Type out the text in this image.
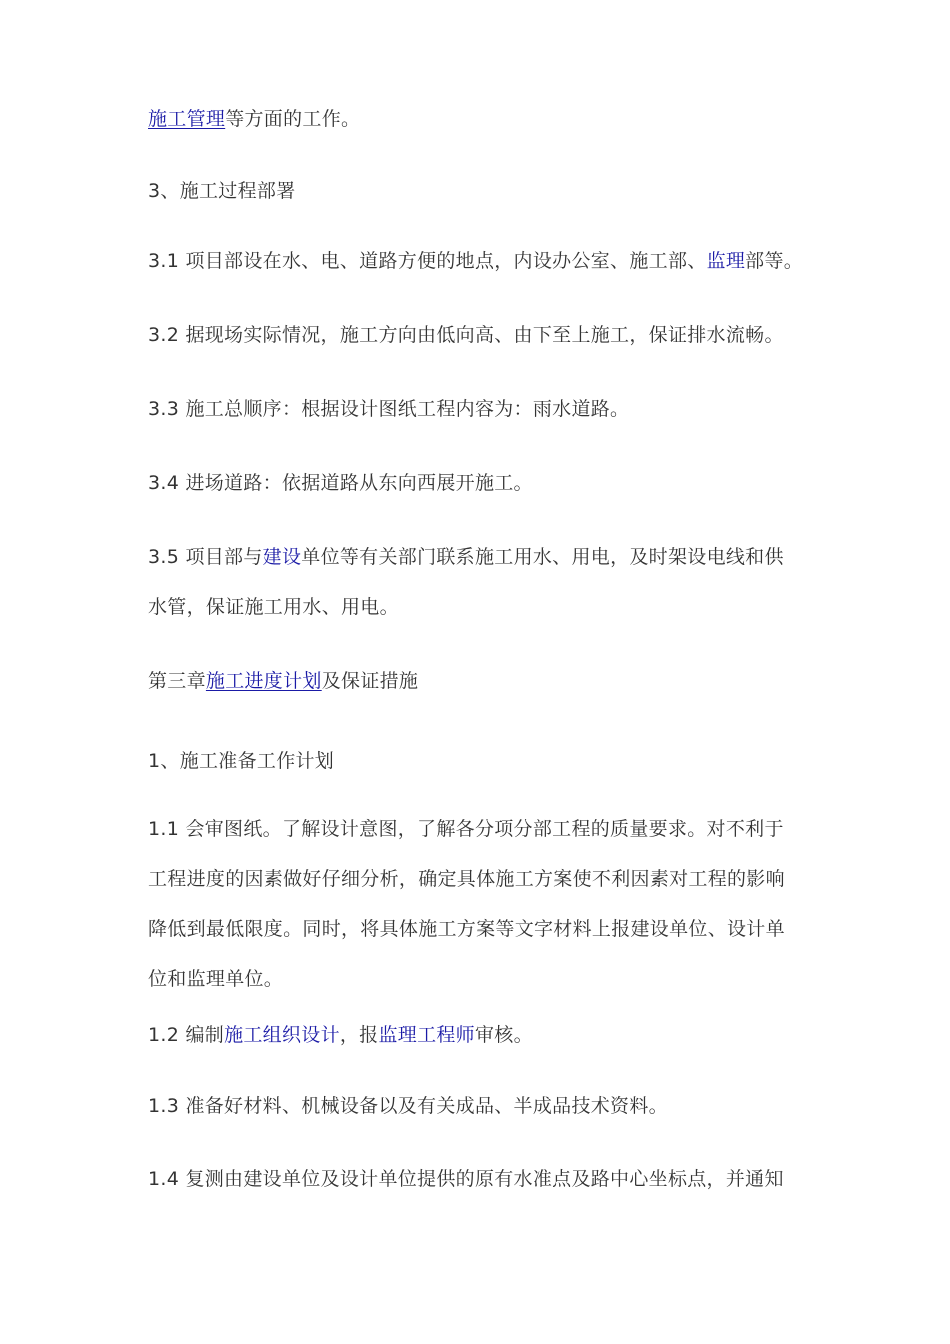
施工管理等方面的工作。
3、施工过程部署
3.1 项目部设在水、电、道路方便的地点，内设办公室、施工部、监理部等。
3.2 据现场实际情况，施工方向由低向高、由下至上施工，保证排水流畅。
3.3 施工总顺序：根据设计图纸工程内容为：雨水道路。
3.4 进场道路：依据道路从东向西展开施工。
3.5 项目部与建设单位等有关部门联系施工用水、用电，及时架设电线和供
水管，保证施工用水、用电。
第三章施工进度计划及保证措施
1、施工准备工作计划
1.1 会审图纸。了解设计意图，了解各分项分部工程的质量要求。对不利于
工程进度的因素做好仔细分析，确定具体施工方案使不利因素对工程的影响
降低到最低限度。同时，将具体施工方案等文字材料上报建设单位、设计单
位和监理单位。
1.2 编制施工组织设计，报监理工程师审核。
1.3 准备好材料、机械设备以及有关成品、半成品技术资料。
1.4 复测由建设单位及设计单位提供的原有水准点及路中心坐标点，并通知
